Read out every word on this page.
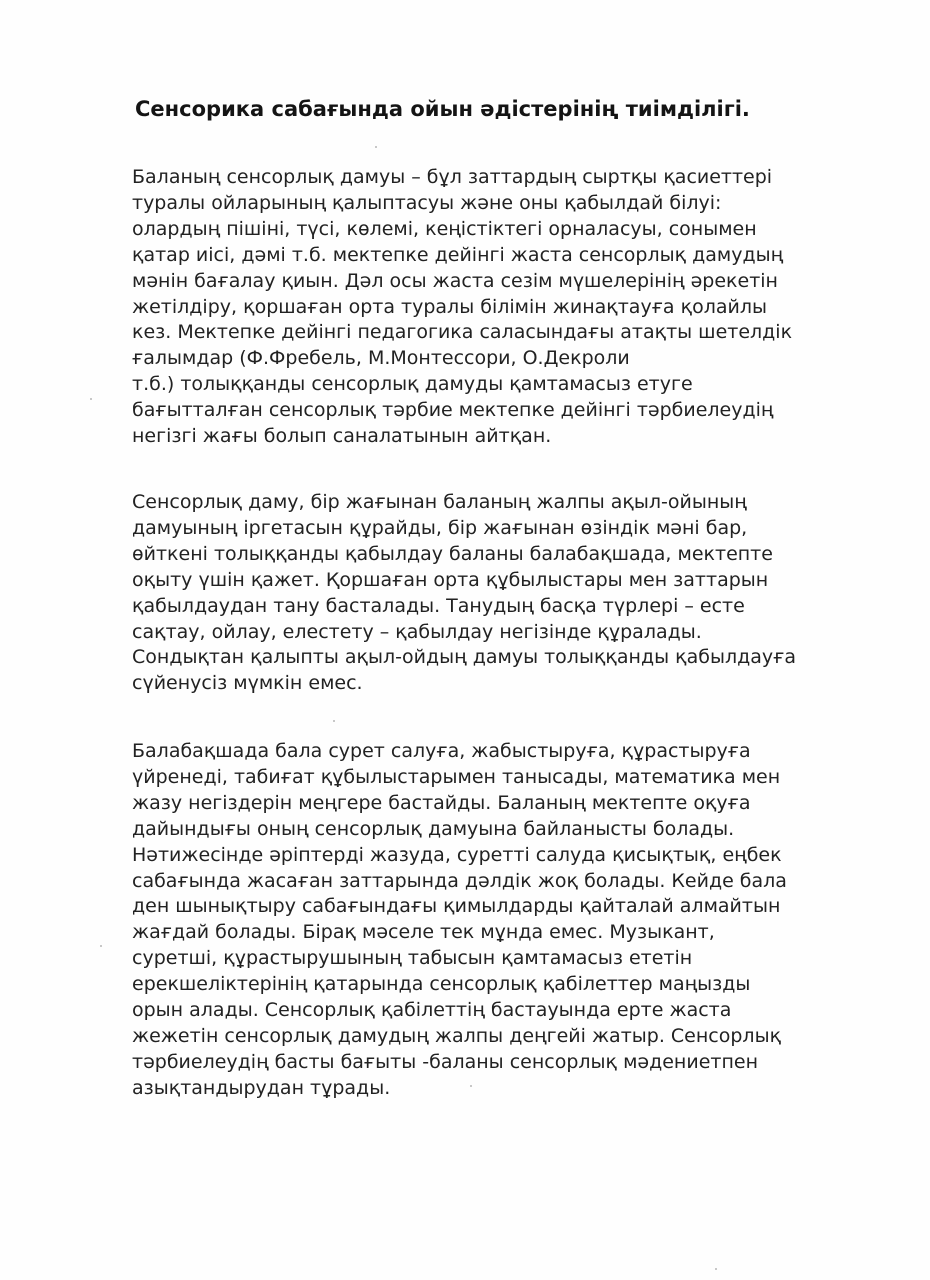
Сенсорика сабағында ойын әдістерінің тиімділігі.

Баланың сенсорлық дамуы – бұл заттардың сыртқы қасиеттері
туралы ойларының қалыптасуы және оны қабылдай білуі:
олардың пішіні, түсі, көлемі, кеңістіктегі орналасуы, сонымен
қатар иісі, дәмі т.б. мектепке дейінгі жаста сенсорлық дамудың
мәнін бағалау қиын. Дәл осы жаста сезім мүшелерінің әрекетін
жетілдіру, қоршаған орта туралы білімін жинақтауға қолайлы
кез. Мектепке дейінгі педагогика саласындағы атақты шетелдік
ғалымдар (Ф.Фребель, М.Монтессори, О.Декроли
т.б.) толыққанды сенсорлық дамуды қамтамасыз етуге
бағытталған сенсорлық тәрбие мектепке дейінгі тәрбиелеудің
негізгі жағы болып саналатынын айтқан.

Сенсорлық даму, бір жағынан баланың жалпы ақыл-ойының
дамуының іргетасын құрайды, бір жағынан өзіндік мәні бар,
өйткені толыққанды қабылдау баланы балабақшада, мектепте
оқыту үшін қажет. Қоршаған орта құбылыстары мен заттарын
қабылдаудан тану басталады. Танудың басқа түрлері – есте
сақтау, ойлау, елестету – қабылдау негізінде құралады.
Сондықтан қалыпты ақыл-ойдың дамуы толыққанды қабылдауға
сүйенусіз мүмкін емес.

Балабақшада бала сурет салуға, жабыстыруға, құрастыруға
үйренеді, табиғат құбылыстарымен танысады, математика мен
жазу негіздерін меңгере бастайды. Баланың мектепте оқуға
дайындығы оның сенсорлық дамуына байланысты болады.
Нәтижесінде әріптерді жазуда, суретті салуда қисықтық, еңбек
сабағында жасаған заттарында дәлдік жоқ болады. Кейде бала
ден шынықтыру сабағындағы қимылдарды қайталай алмайтын
жағдай болады. Бірақ мәселе тек мұнда емес. Музыкант,
суретші, құрастырушының табысын қамтамасыз ететін
ерекшеліктерінің қатарында сенсорлық қабілеттер маңызды
орын алады. Сенсорлық қабілеттің бастауында ерте жаста
жежетін сенсорлық дамудың жалпы деңгейі жатыр. Сенсорлық
тәрбиелеудің басты бағыты -баланы сенсорлық мәдениетпен
азықтандырудан тұрады.
